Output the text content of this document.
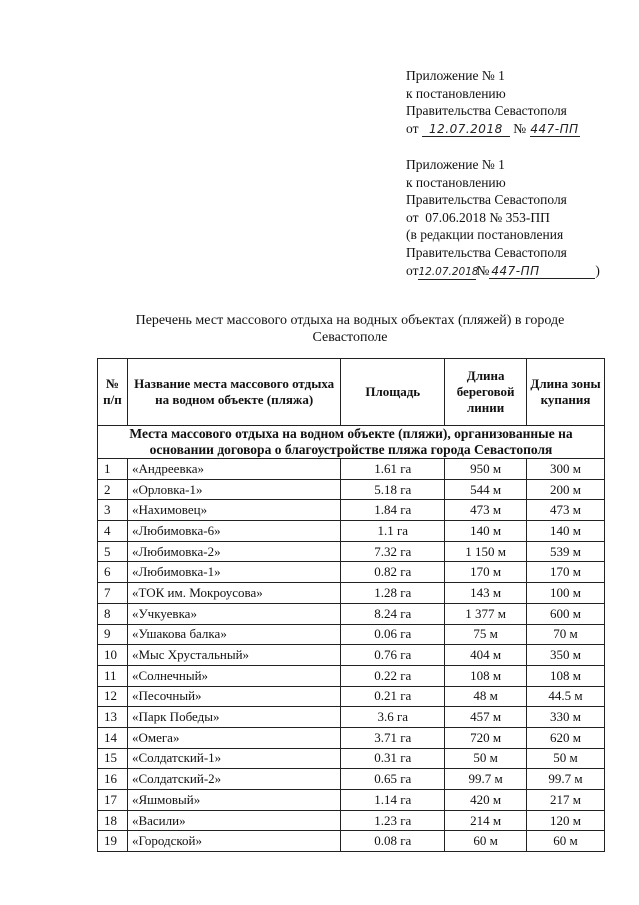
Приложение № 1
к постановлению
Правительства Севастополя
от 12.07.2018 № 447-ПП
Приложение № 1
к постановлению
Правительства Севастополя
от  07.06.2018 № 353-ПП
(в редакции постановления
Правительства Севастополя
от12.07.2018№ 447-ПП	)
Перечень мест массового отдыха на водных объектах (пляжей) в городе Севастополе
№ п/п	Название места массового отдыха на водном объекте (пляжа)	Площадь	Длина береговой линии	Длина зоны купания
Места массового отдыха на водном объекте (пляжи), организованные на основании договора о благоустройстве пляжа города Севастополя				
1	«Андреевка»	1.61 га	950 м	300 м
2	«Орловка-1»	5.18 га	544 м	200 м
3	«Нахимовец»	1.84 га	473 м	473 м
4	«Любимовка-6»	1.1 га	140 м	140 м
5	«Любимовка-2»	7.32 га	1 150 м	539 м
6	«Любимовка-1»	0.82 га	170 м	170 м
7	«ТОК им. Мокроусова»	1.28 га	143 м	100 м
8	«Учкуевка»	8.24 га	1 377 м	600 м
9	«Ушакова балка»	0.06 га	75 м	70 м
10	«Мыс Хрустальный»	0.76 га	404 м	350 м
11	«Солнечный»	0.22 га	108 м	108 м
12	«Песочный»	0.21 га	48 м	44.5 м
13	«Парк Победы»	3.6 га	457 м	330 м
14	«Омега»	3.71 га	720 м	620 м
15	«Солдатский-1»	0.31 га	50 м	50 м
16	«Солдатский-2»	0.65 га	99.7 м	99.7 м
17	«Яшмовый»	1.14 га	420 м	217 м
18	«Васили»	1.23 га	214 м	120 м
19	«Городской»	0.08 га	60 м	60 м
